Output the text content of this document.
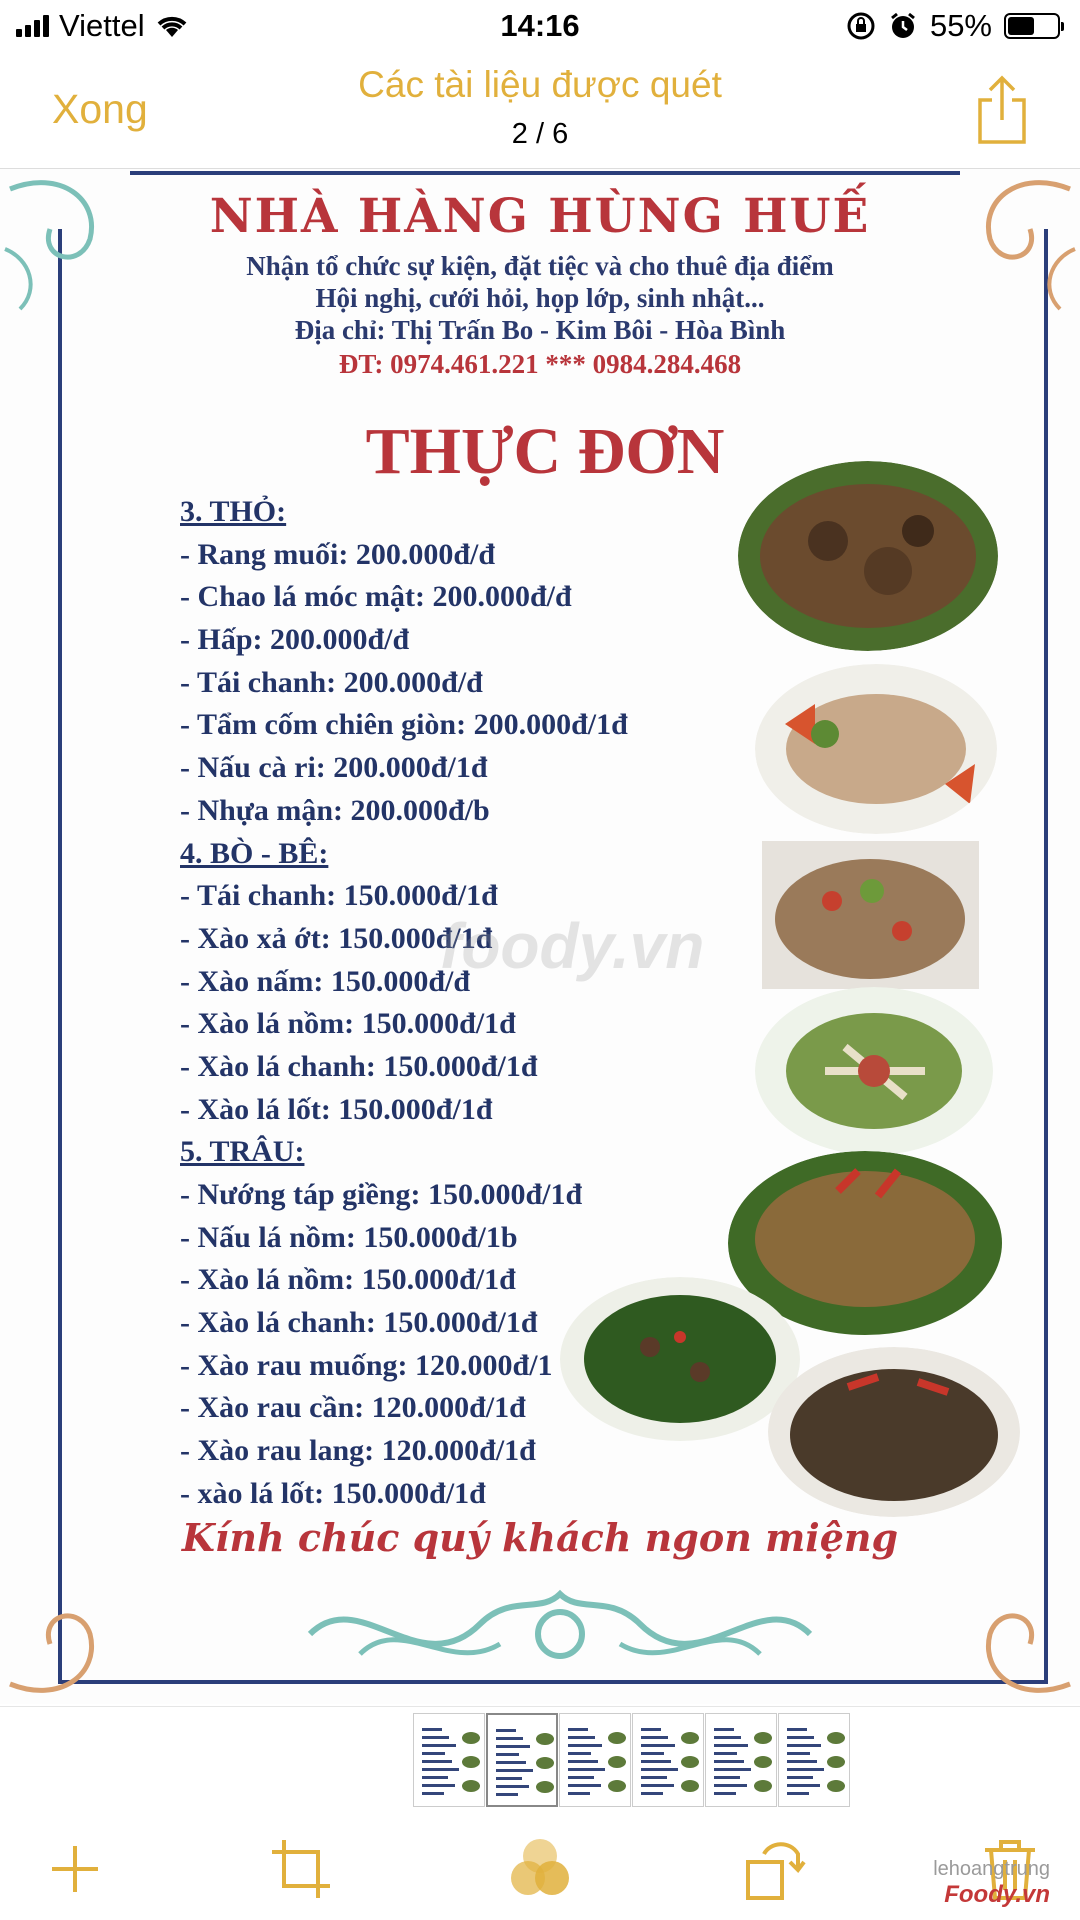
Viettel	14:16	55%
Xong
Các tài liệu được quét
2 / 6
NHÀ HÀNG HÙNG HUẾ
Nhận tổ chức sự kiện, đặt tiệc và cho thuê địa điểm
Hội nghị, cưới hỏi, họp lớp, sinh nhật...
Địa chỉ: Thị Trấn Bo - Kim Bôi - Hòa Bình
ĐT: 0974.461.221 *** 0984.284.468
THỰC ĐƠN
3. THỎ:
- Rang muối: 200.000đ/đ
- Chao lá móc mật: 200.000đ/đ
- Hấp: 200.000đ/đ
- Tái chanh: 200.000đ/đ
- Tẩm cốm chiên giòn: 200.000đ/1đ
- Nấu cà ri: 200.000đ/1đ
- Nhựa mận: 200.000đ/b
4. BÒ - BÊ:
- Tái chanh: 150.000đ/1đ
- Xào xả ớt: 150.000đ/1đ
- Xào nấm: 150.000đ/đ
- Xào lá nồm: 150.000đ/1đ
- Xào lá chanh: 150.000đ/1đ
- Xào lá lốt: 150.000đ/1đ
5. TRÂU:
- Nướng táp giềng: 150.000đ/1đ
- Nấu lá nồm: 150.000đ/1b
- Xào lá nồm: 150.000đ/1đ
- Xào lá chanh: 150.000đ/1đ
- Xào rau muống: 120.000đ/1
- Xào rau cần: 120.000đ/1đ
- Xào rau lang: 120.000đ/1đ
- xào lá lốt: 150.000đ/1đ
foody.vn
Kính chúc quý khách ngon miệng
lehoangtrung
Foody.vn
